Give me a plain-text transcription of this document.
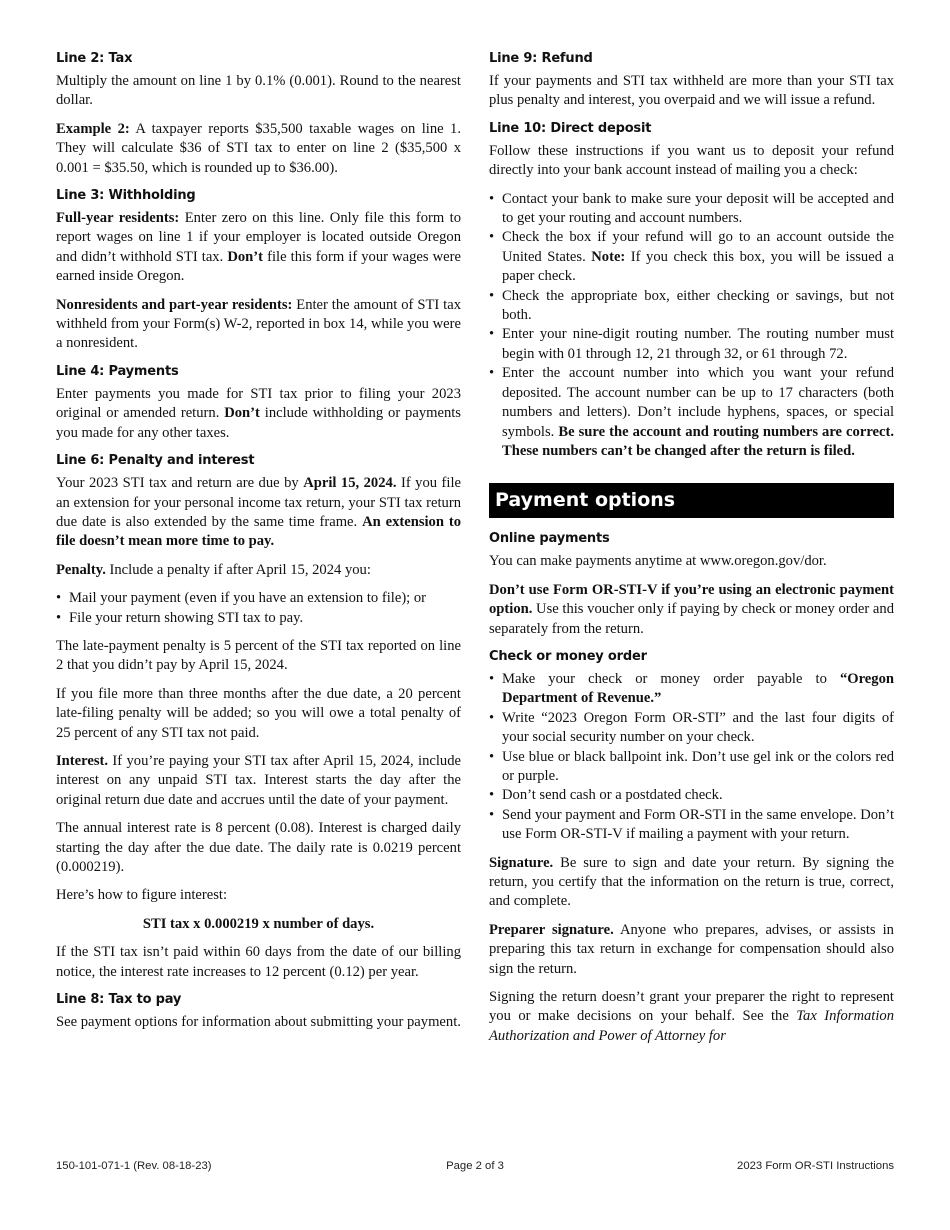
Line 2: Tax

Multiply the amount on line 1 by 0.1% (0.001). Round to the nearest dollar.

Example 2: A taxpayer reports $35,500 taxable wages on line 1. They will calculate $36 of STI tax to enter on line 2 ($35,500 x 0.001 = $35.50, which is rounded up to $36.00).

Line 3: Withholding

Full-year residents: Enter zero on this line. Only file this form to report wages on line 1 if your employer is located outside Oregon and didn’t withhold STI tax. Don’t file this form if your wages were earned inside Oregon.

Nonresidents and part-year residents: Enter the amount of STI tax withheld from your Form(s) W-2, reported in box 14, while you were a nonresident.

Line 4: Payments

Enter payments you made for STI tax prior to filing your 2023 original or amended return. Don’t include withholding or payments you made for any other taxes.

Line 6: Penalty and interest

Your 2023 STI tax and return are due by April 15, 2024. If you file an extension for your personal income tax return, your STI tax return due date is also extended by the same time frame. An extension to file doesn’t mean more time to pay.

Penalty. Include a penalty if after April 15, 2024 you:

• Mail your payment (even if you have an extension to file); or
• File your return showing STI tax to pay.

The late-payment penalty is 5 percent of the STI tax reported on line 2 that you didn’t pay by April 15, 2024.

If you file more than three months after the due date, a 20 percent late-filing penalty will be added; so you will owe a total penalty of 25 percent of any STI tax not paid.

Interest. If you’re paying your STI tax after April 15, 2024, include interest on any unpaid STI tax. Interest starts the day after the original return due date and accrues until the date of your payment.

The annual interest rate is 8 percent (0.08). Interest is charged daily starting the day after the due date. The daily rate is 0.0219 percent (0.000219).

Here’s how to figure interest:

STI tax x 0.000219 x number of days.

If the STI tax isn’t paid within 60 days from the date of our billing notice, the interest rate increases to 12 percent (0.12) per year.

Line 8: Tax to pay

See payment options for information about submitting your payment.

Line 9: Refund

If your payments and STI tax withheld are more than your STI tax plus penalty and interest, you overpaid and we will issue a refund.

Line 10: Direct deposit

Follow these instructions if you want us to deposit your refund directly into your bank account instead of mailing you a check:

• Contact your bank to make sure your deposit will be accepted and to get your routing and account numbers.
• Check the box if your refund will go to an account outside the United States. Note: If you check this box, you will be issued a paper check.
• Check the appropriate box, either checking or savings, but not both.
• Enter your nine-digit routing number. The routing number must begin with 01 through 12, 21 through 32, or 61 through 72.
• Enter the account number into which you want your refund deposited. The account number can be up to 17 characters (both numbers and letters). Don’t include hyphens, spaces, or special symbols. Be sure the account and routing numbers are correct. These numbers can’t be changed after the return is filed.
Payment options
Online payments

You can make payments anytime at www.oregon.gov/dor.

Don’t use Form OR-STI-V if you’re using an electronic payment option. Use this voucher only if paying by check or money order and separately from the return.

Check or money order
• Make your check or money order payable to “Oregon Department of Revenue.”
• Write “2023 Oregon Form OR-STI” and the last four digits of your social security number on your check.
• Use blue or black ballpoint ink. Don’t use gel ink or the colors red or purple.
• Don’t send cash or a postdated check.
• Send your payment and Form OR-STI in the same envelope. Don’t use Form OR-STI-V if mailing a payment with your return.

Signature. Be sure to sign and date your return. By signing the return, you certify that the information on the return is true, correct, and complete.

Preparer signature. Anyone who prepares, advises, or assists in preparing this tax return in exchange for compensation should also sign the return.

Signing the return doesn’t grant your preparer the right to represent you or make decisions on your behalf. See the Tax Information Authorization and Power of Attorney for

150-101-071-1 (Rev. 08-18-23)	Page 2 of 3	2023 Form OR-STI Instructions
